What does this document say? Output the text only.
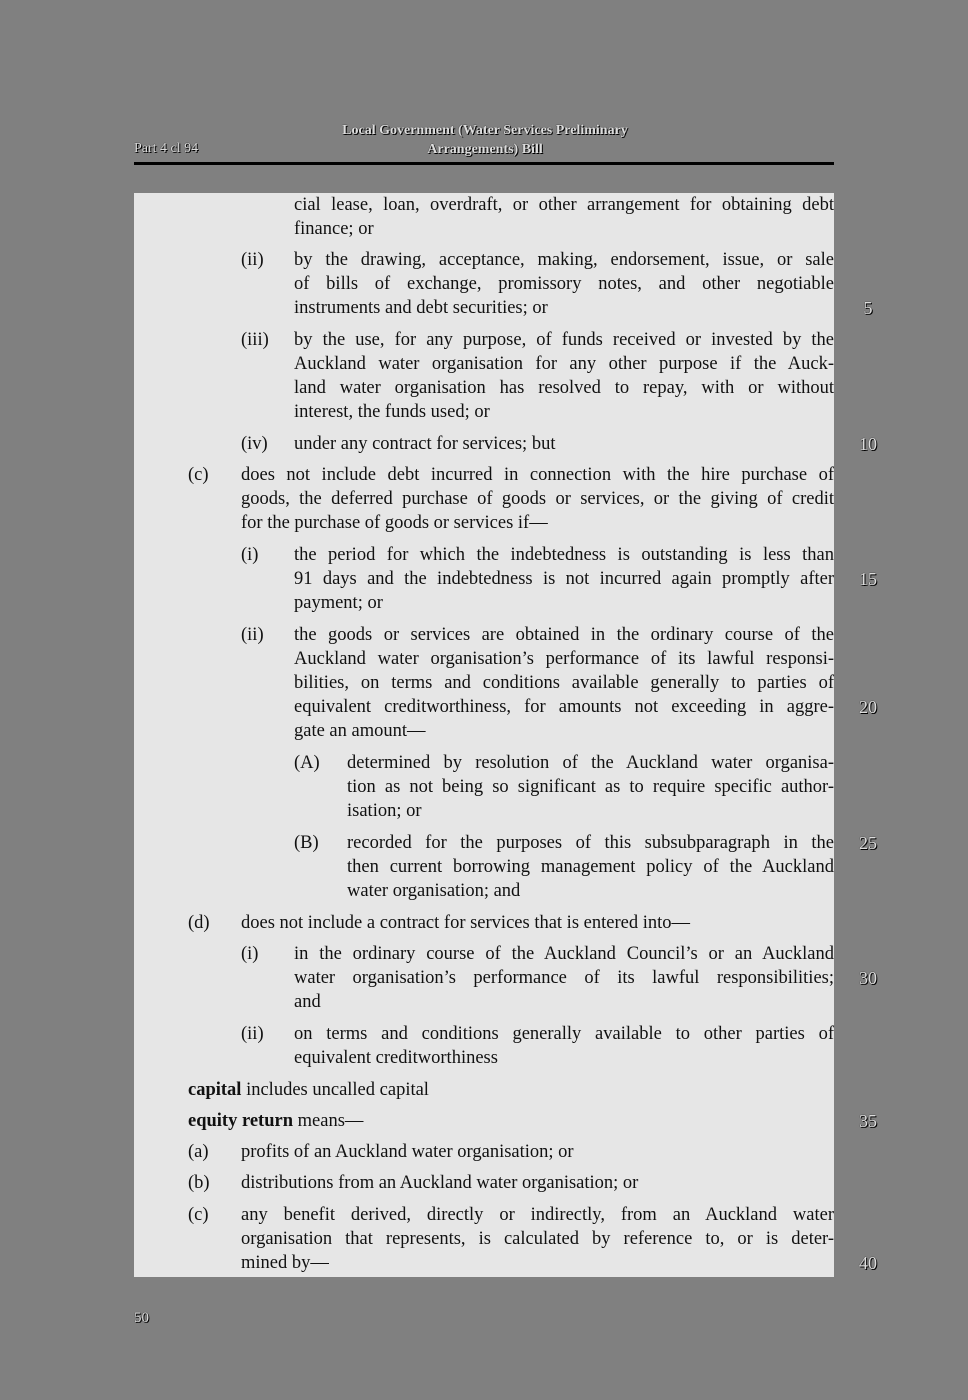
Part 4 cl 94
Local Government (Water Services Preliminary
Arrangements) Bill
cial lease, loan, overdraft, or other arrangement for obtaining debt
finance; or
by the drawing, acceptance, making, endorsement, issue, or sale
of bills of exchange, promissory notes, and other negotiable
instruments and debt securities; or
by the use, for any purpose, of funds received or invested by the
Auckland water organisation for any other purpose if the Auck-
land water organisation has resolved to repay, with or without
interest, the funds used; or
under any contract for services; but
does not include debt incurred in connection with the hire purchase of
goods, the deferred purchase of goods or services, or the giving of credit
for the purchase of goods or services if—
the period for which the indebtedness is outstanding is less than
91 days and the indebtedness is not incurred again promptly after
payment; or
the goods or services are obtained in the ordinary course of the
Auckland water organisation’s performance of its lawful responsi-
bilities, on terms and conditions available generally to parties of
equivalent creditworthiness, for amounts not exceeding in aggre-
gate an amount—
determined by resolution of the Auckland water organisa-
tion as not being so significant as to require specific author-
isation; or
recorded for the purposes of this subsubparagraph in the
then current borrowing management policy of the Auckland
water organisation; and
does not include a contract for services that is entered into—
in the ordinary course of the Auckland Council’s or an Auckland
water organisation’s performance of its lawful responsibilities;
and
on terms and conditions generally available to other parties of
equivalent creditworthiness
profits of an Auckland water organisation; or
distributions from an Auckland water organisation; or
any benefit derived, directly or indirectly, from an Auckland water
organisation that represents, is calculated by reference to, or is deter-
mined by—
(ii)
(iii)
(iv)
(c)
(i)
(ii)
(A)
(B)
(d)
(i)
(ii)
(a)
(b)
(c)
capital includes uncalled capital
equity return means—
5
10
15
20
25
30
35
40
50
